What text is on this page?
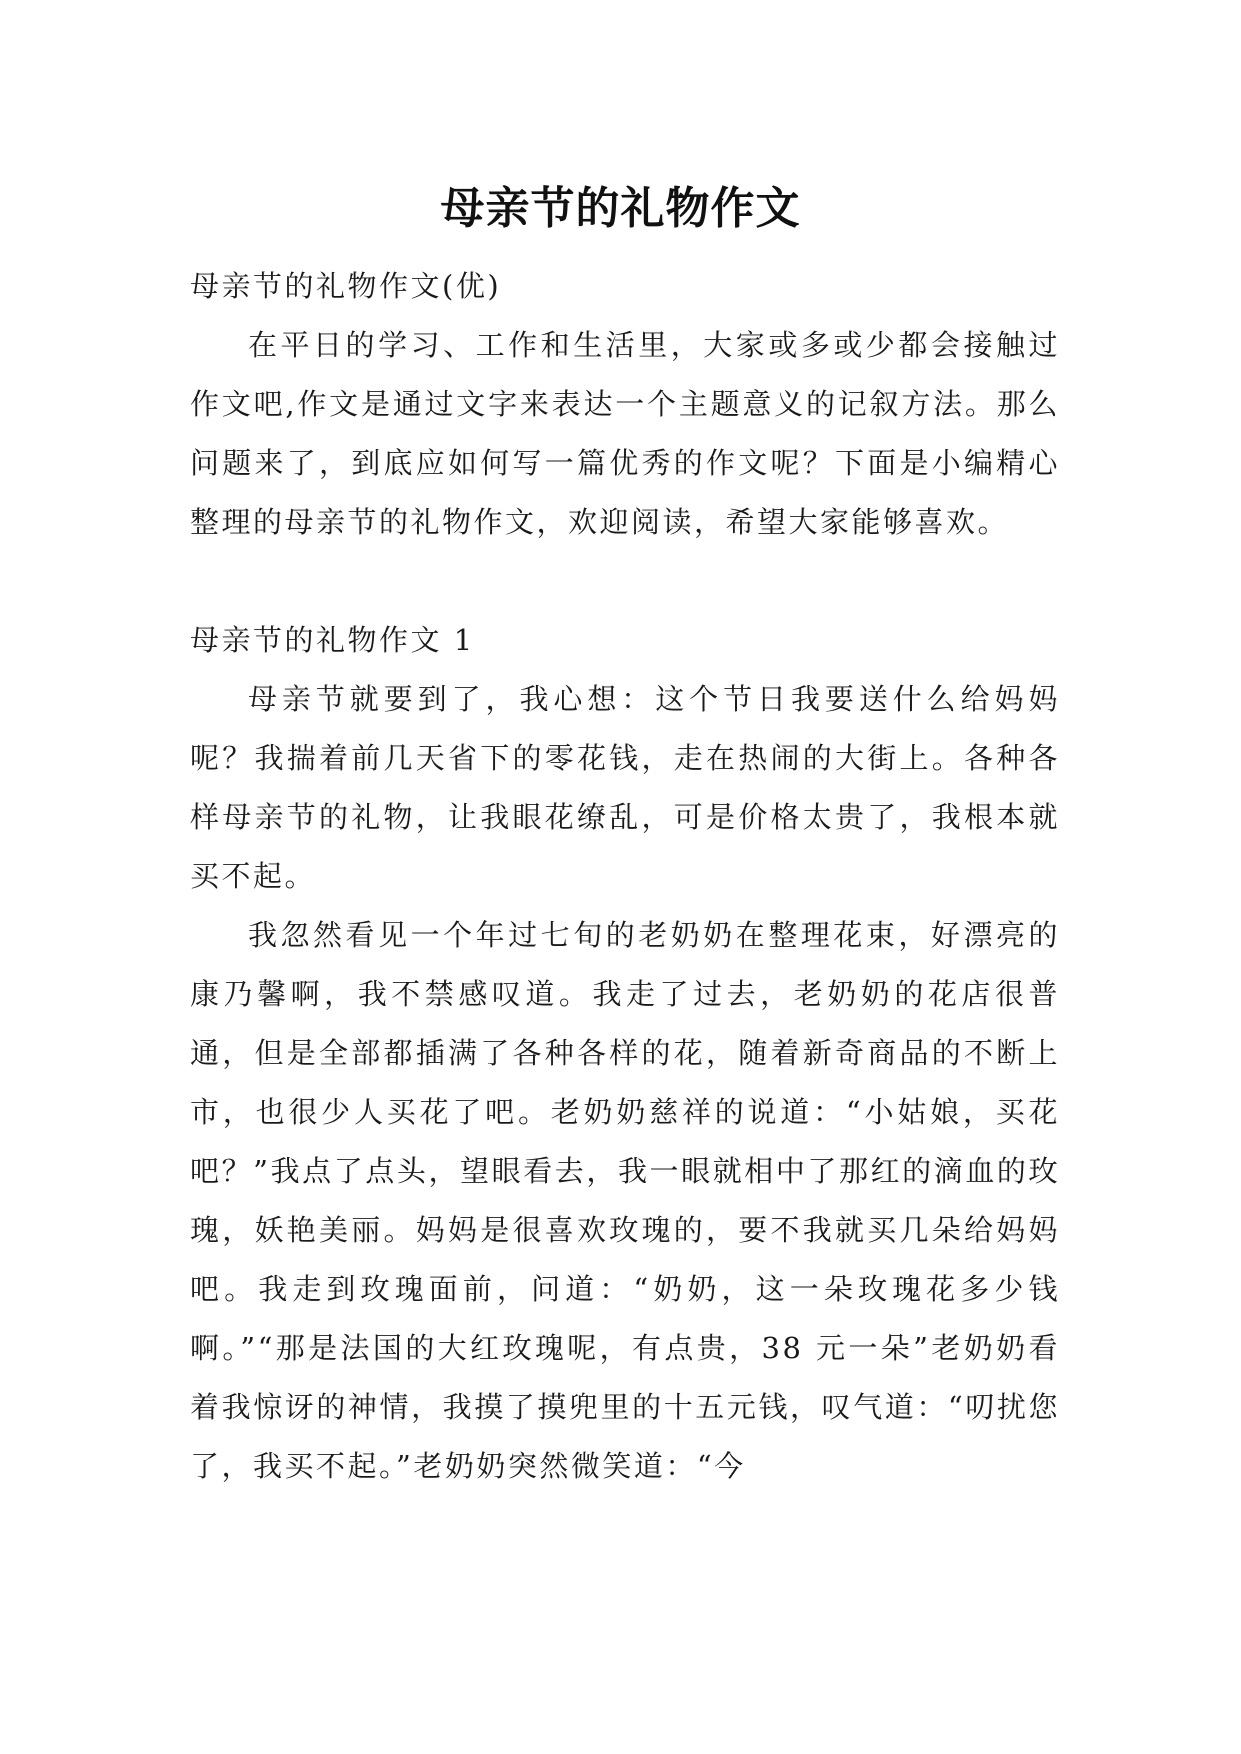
母亲节的礼物作文

母亲节的礼物作文(优)

在平日的学习、工作和生活里，大家或多或少都会接触过作文吧,作文是通过文字来表达一个主题意义的记叙方法。那么问题来了，到底应如何写一篇优秀的作文呢？下面是小编精心整理的母亲节的礼物作文，欢迎阅读，希望大家能够喜欢。

母亲节的礼物作文 1

母亲节就要到了，我心想：这个节日我要送什么给妈妈呢？我揣着前几天省下的零花钱，走在热闹的大街上。各种各样母亲节的礼物，让我眼花缭乱，可是价格太贵了，我根本就买不起。

我忽然看见一个年过七旬的老奶奶在整理花束，好漂亮的康乃馨啊，我不禁感叹道。我走了过去，老奶奶的花店很普通，但是全部都插满了各种各样的花，随着新奇商品的不断上市，也很少人买花了吧。老奶奶慈祥的说道：“小姑娘，买花吧？”我点了点头，望眼看去，我一眼就相中了那红的滴血的玫瑰，妖艳美丽。妈妈是很喜欢玫瑰的，要不我就买几朵给妈妈吧。我走到玫瑰面前，问道：“奶奶，这一朵玫瑰花多少钱啊。”“那是法国的大红玫瑰呢，有点贵，38 元一朵”老奶奶看着我惊讶的神情，我摸了摸兜里的十五元钱，叹气道：“叨扰您了，我买不起。”老奶奶突然微笑道：“今
